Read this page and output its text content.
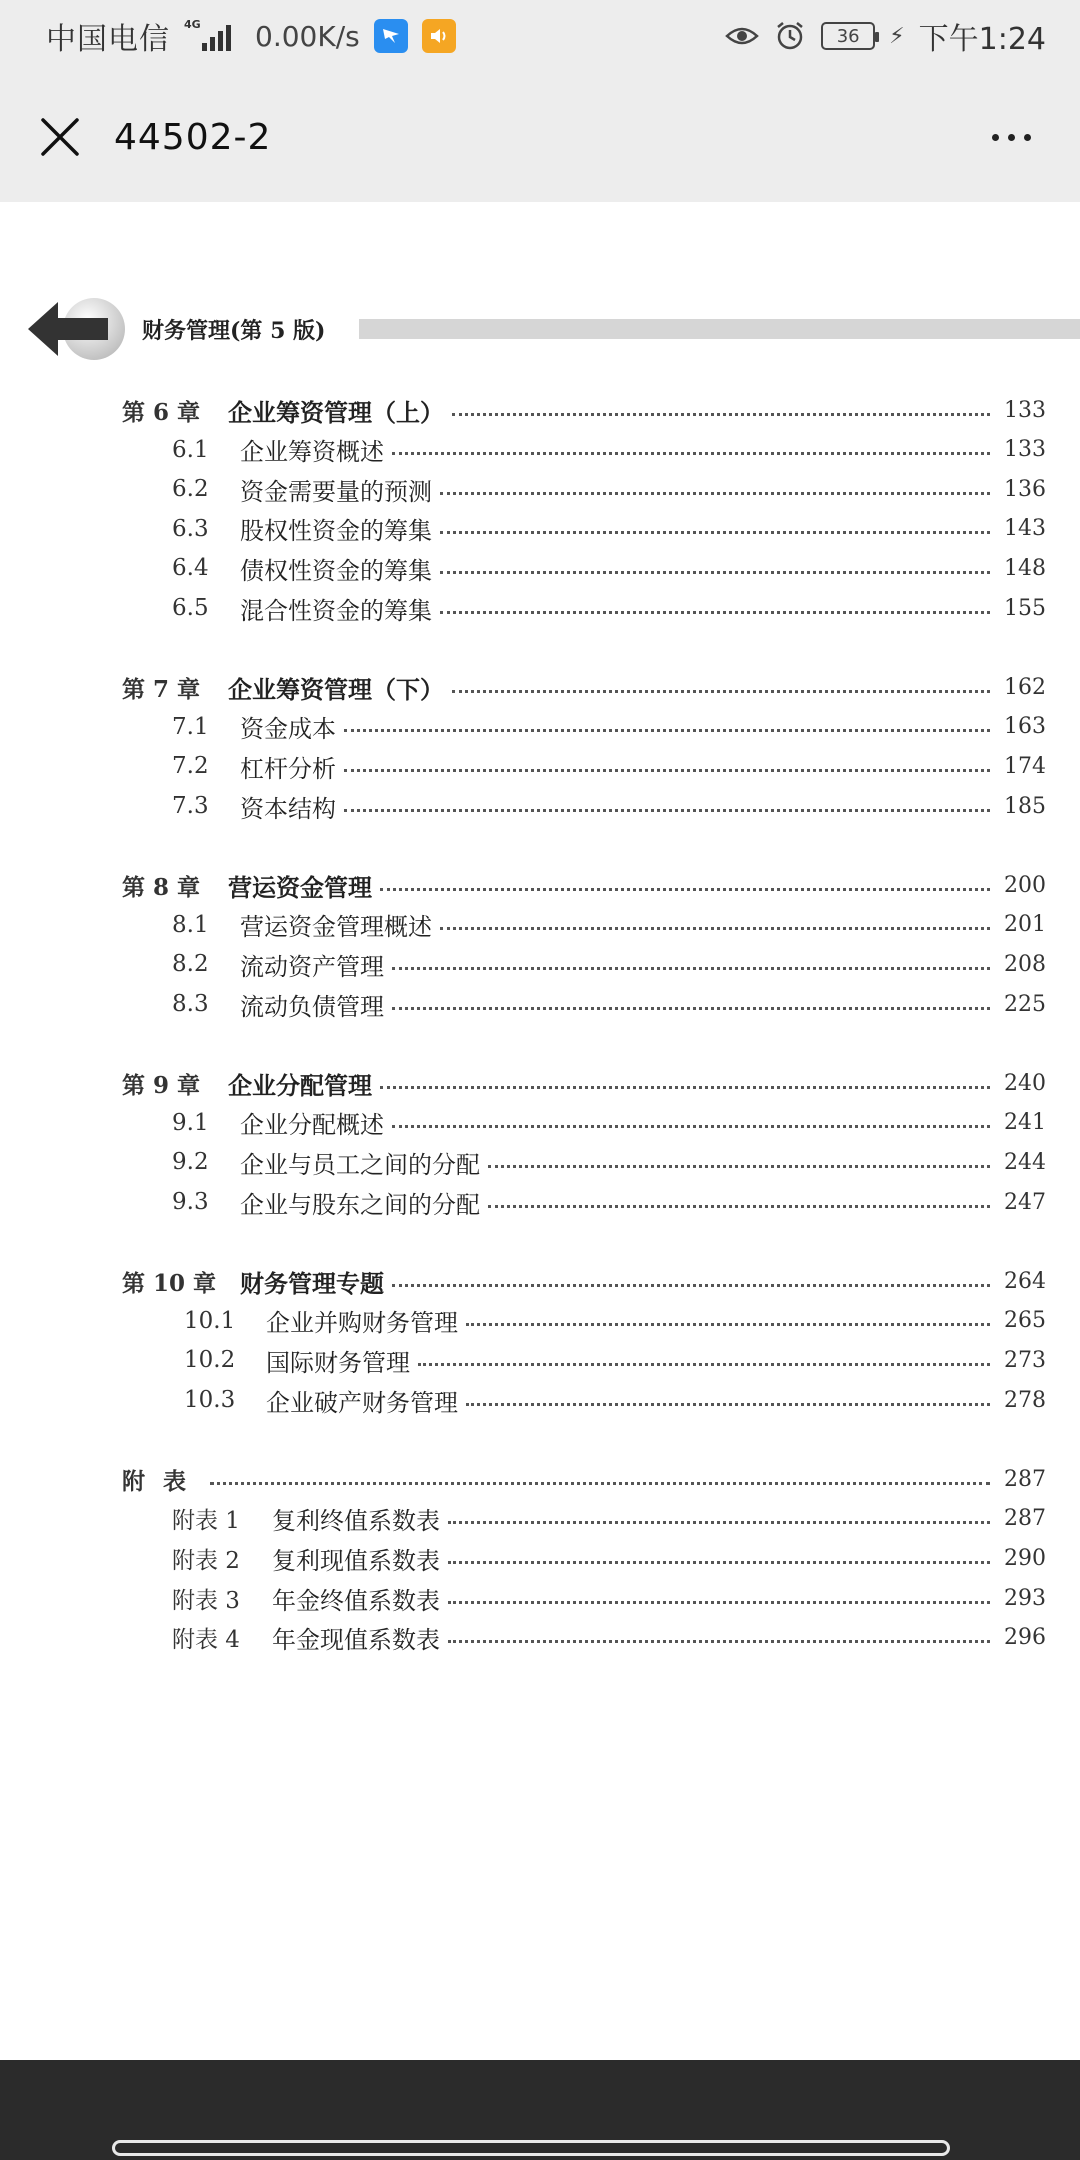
中国电信 4G 0.00K/s	36 ⚡ 下午1:24
44502-2
财务管理(第 5 版)
第 6 章	企业筹资管理（上）	133
6.1	企业筹资概述	133
6.2	资金需要量的预测	136
6.3	股权性资金的筹集	143
6.4	债权性资金的筹集	148
6.5	混合性资金的筹集	155
第 7 章	企业筹资管理（下）	162
7.1	资金成本	163
7.2	杠杆分析	174
7.3	资本结构	185
第 8 章	营运资金管理	200
8.1	营运资金管理概述	201
8.2	流动资产管理	208
8.3	流动负债管理	225
第 9 章	企业分配管理	240
9.1	企业分配概述	241
9.2	企业与员工之间的分配	244
9.3	企业与股东之间的分配	247
第 10 章 财务管理专题	264
10.1	企业并购财务管理	265
10.2	国际财务管理	273
10.3	企业破产财务管理	278
附表	287
附表 1	复利终值系数表	287
附表 2	复利现值系数表	290
附表 3	年金终值系数表	293
附表 4	年金现值系数表	296
